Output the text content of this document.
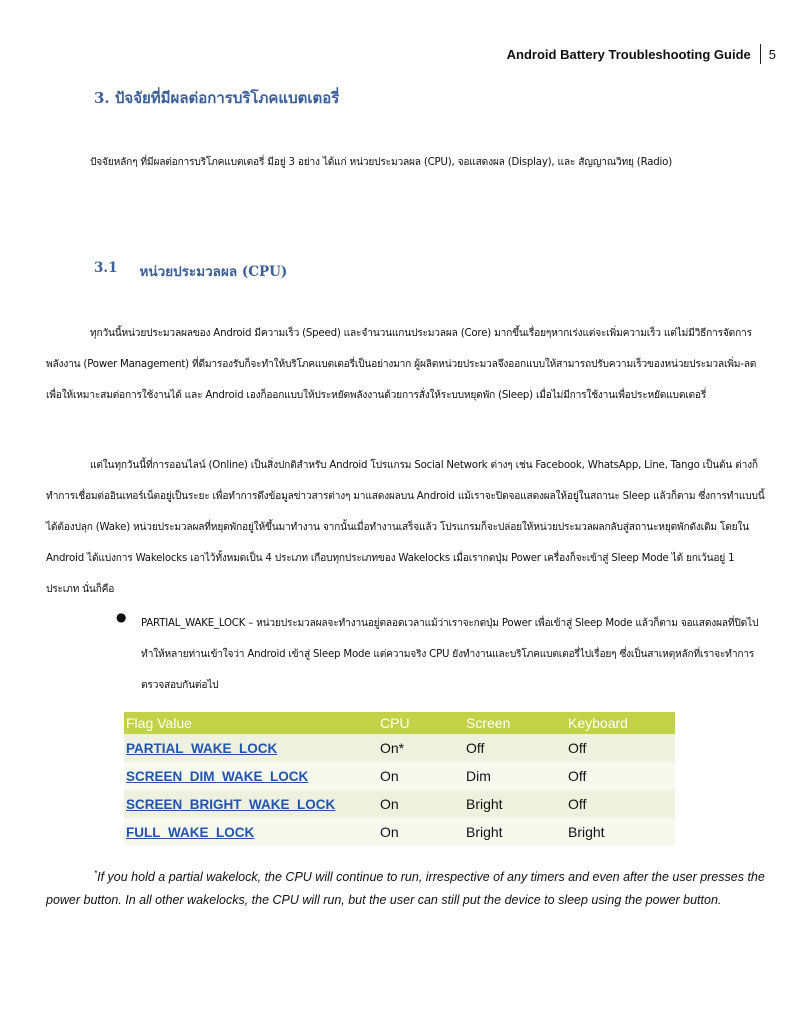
Android Battery Troubleshooting Guide 5
3. ปัจจัยที่มีผลต่อการบริโภคแบตเตอรี่
ปัจจัยหลักๆ ที่มีผลต่อการบริโภคแบตเตอรี่ มีอยู่ 3 อย่าง ได้แก่ หน่วยประมวลผล (CPU), จอแสดงผล (Display), และ สัญญาณวิทยุ (Radio)
3.1 หน่วยประมวลผล (CPU)
ทุกวันนี้หน่วยประมวลผลของ Android มีความเร็ว (Speed) และจำนวนแกนประมวลผล (Core) มากขึ้นเรื่อยๆหากเร่งแต่จะเพิ่มความเร็ว แต่ไม่มีวิธีการจัดการพลังงาน (Power Management) ที่ดีมารองรับก็จะทำให้บริโภคแบตเตอรี่เป็นอย่างมาก ผู้ผลิตหน่วยประมวลจึงออกแบบให้สามารถปรับความเร็วของหน่วยประมวลเพิ่ม-ลดเพื่อให้เหมาะสมต่อการใช้งานได้ และ Android เองก็ออกแบบให้ประหยัดพลังงานด้วยการสั่งให้ระบบหยุดพัก (Sleep) เมื่อไม่มีการใช้งานเพื่อประหยัดแบตเตอรี่
แต่ในทุกวันนี้ที่การออนไลน์ (Online) เป็นสิ่งปกติสำหรับ Android โปรแกรม Social Network ต่างๆ เช่น Facebook, WhatsApp, Line, Tango เป็นต้น ต่างก็ทำการเชื่อมต่ออินเทอร์เน็ตอยู่เป็นระยะ เพื่อทำการดึงข้อมูลข่าวสารต่างๆ มาแสดงผลบน Android แม้เราจะปิดจอแสดงผลให้อยู่ในสถานะ Sleep แล้วก็ตาม ซึ่งการทำแบบนี้ได้ต้องปลุก (Wake) หน่วยประมวลผลที่หยุดพักอยู่ให้ขึ้นมาทำงาน จากนั้นเมื่อทำงานเสร็จแล้ว โปรแกรมก็จะปล่อยให้หน่วยประมวลผลกลับสู่สถานะหยุดพักดังเดิม โดยใน Android ได้แบ่งการ Wakelocks เอาไว้ทั้งหมดเป็น 4 ประเภท เกือบทุกประเภทของ Wakelocks เมื่อเรากดปุ่ม Power เครื่องก็จะเข้าสู่ Sleep Mode ได้ ยกเว้นอยู่ 1 ประเภท นั่นก็คือ
● PARTIAL_WAKE_LOCK – หน่วยประมวลผลจะทำงานอยู่ตลอดเวลาแม้ว่าเราจะกดปุ่ม Power เพื่อเข้าสู่ Sleep Mode แล้วก็ตาม จอแสดงผลที่ปิดไปทำให้หลายท่านเข้าใจว่า Android เข้าสู่ Sleep Mode แต่ความจริง CPU ยังทำงานและบริโภคแบตเตอรี่ไปเรื่อยๆ ซึ่งเป็นสาเหตุหลักที่เราจะทำการตรวจสอบกันต่อไป
Flag Value	CPU	Screen	Keyboard
PARTIAL_WAKE_LOCK	On*	Off	Off
SCREEN_DIM_WAKE_LOCK	On	Dim	Off
SCREEN_BRIGHT_WAKE_LOCK	On	Bright	Off
FULL_WAKE_LOCK	On	Bright	Bright
*If you hold a partial wakelock, the CPU will continue to run, irrespective of any timers and even after the user presses the power button. In all other wakelocks, the CPU will run, but the user can still put the device to sleep using the power button.
